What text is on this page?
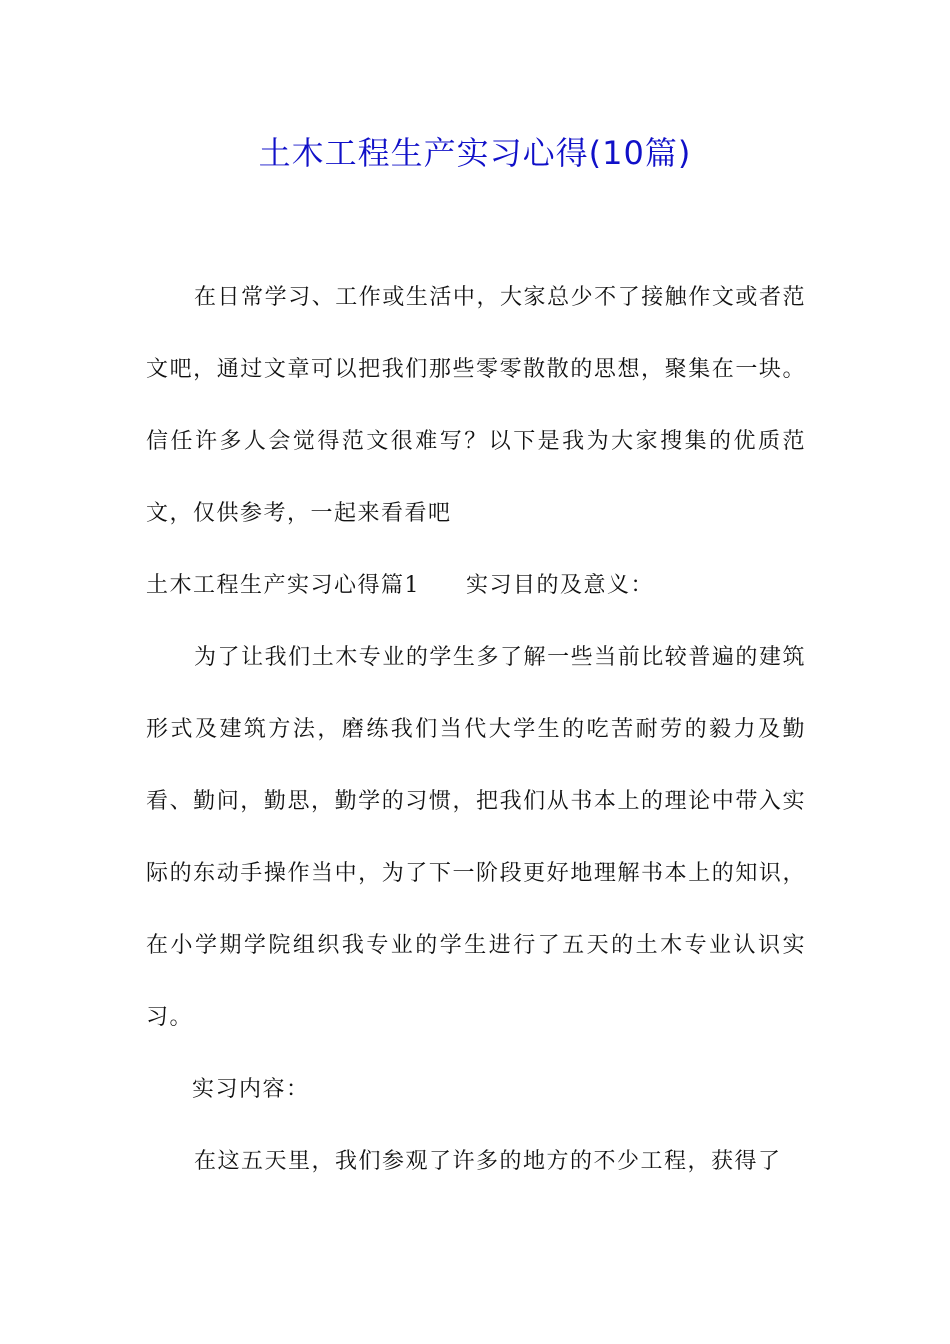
土木工程生产实习心得(10篇)

在日常学习、工作或生活中，大家总少不了接触作文或者范文吧，通过文章可以把我们那些零零散散的思想，聚集在一块。信任许多人会觉得范文很难写？以下是我为大家搜集的优质范文，仅供参考，一起来看看吧

土木工程生产实习心得篇1 实习目的及意义：

为了让我们土木专业的学生多了解一些当前比较普遍的建筑形式及建筑方法，磨练我们当代大学生的吃苦耐劳的毅力及勤看、勤问，勤思，勤学的习惯，把我们从书本上的理论中带入实际的东动手操作当中，为了下一阶段更好地理解书本上的知识，在小学期学院组织我专业的学生进行了五天的土木专业认识实习。

实习内容：

在这五天里，我们参观了许多的地方的不少工程，获得了
